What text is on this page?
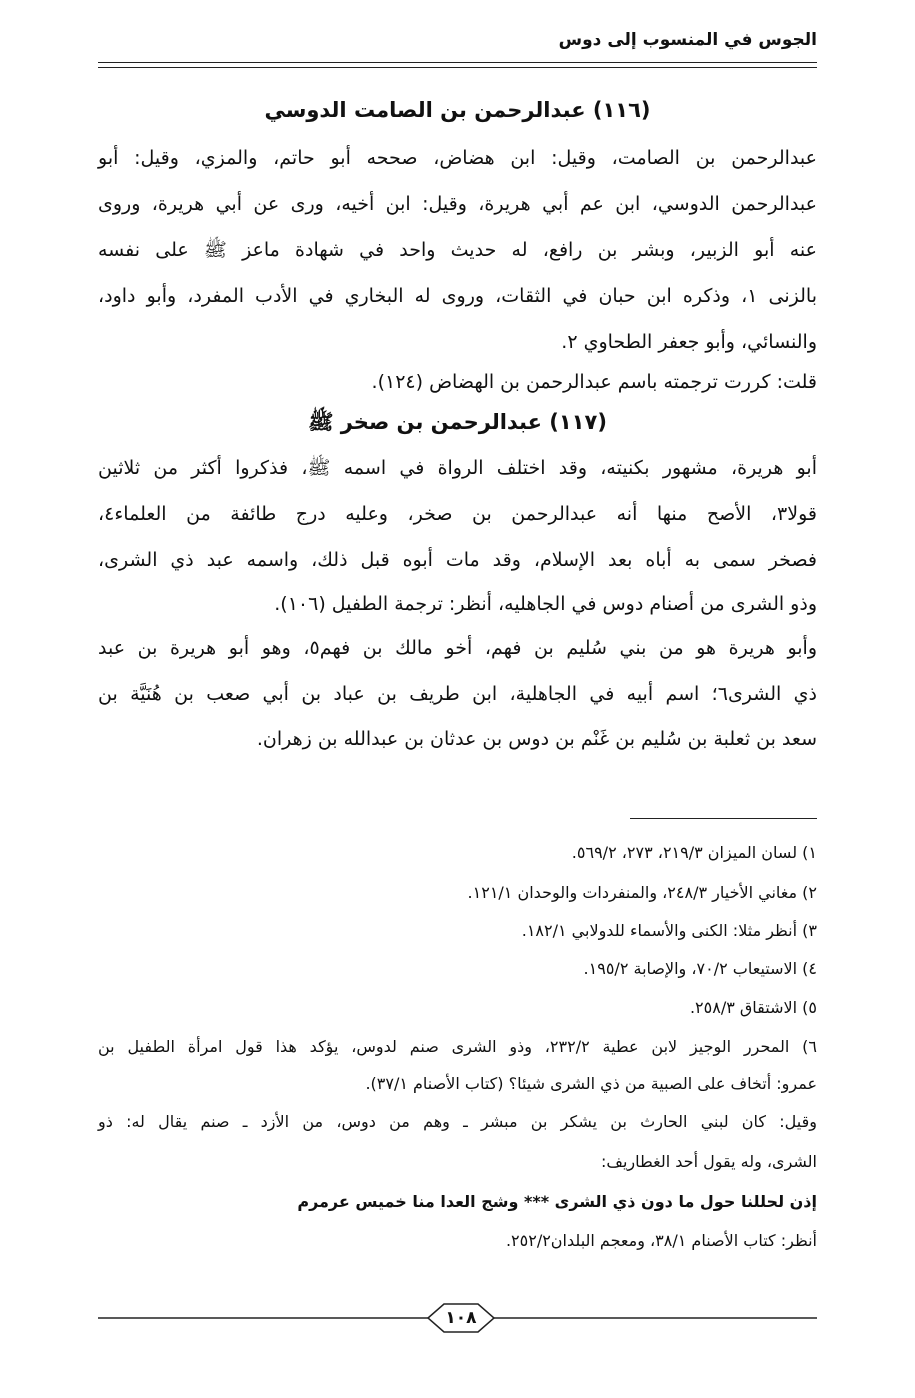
الجوس في المنسوب إلى دوس
(١١٦) عبدالرحمن بن الصامت الدوسي
عبدالرحمن بن الصامت، وقيل: ابن هضاض، صححه أبو حاتم، والمزي، وقيل: أبو
عبدالرحمن الدوسي، ابن عم أبي هريرة، وقيل: ابن أخيه، ورى عن أبي هريرة، وروى
عنه أبو الزبير، وبشر بن رافع، له حديث واحد في شهادة ماعز ﷺ على نفسه
بالزنى ١، وذكره ابن حبان في الثقات، وروى له البخاري في الأدب المفرد، وأبو داود،
والنسائي، وأبو جعفر الطحاوي ٢.
قلت: كررت ترجمته باسم عبدالرحمن بن الهضاض (١٢٤).
(١١٧) عبدالرحمن بن صخر ﷺ
أبو هريرة، مشهور بكنيته، وقد اختلف الرواة في اسمه ﷺ، فذكروا أكثر من ثلاثين
قولا٣، الأصح منها أنه عبدالرحمن بن صخر، وعليه درج طائفة من العلماء٤،
فصخر سمى به أباه بعد الإسلام، وقد مات أبوه قبل ذلك، واسمه عبد ذي الشرى،
وذو الشرى من أصنام دوس في الجاهليه، أنظر: ترجمة الطفيل (١٠٦).
وأبو هريرة هو من بني سُليم بن فهم، أخو مالك بن فهم٥، وهو أبو هريرة بن عبد
ذي الشرى٦؛ اسم أبيه في الجاهلية، ابن طريف بن عباد بن أبي صعب بن هُنَيَّة بن
سعد بن ثعلبة بن سُليم بن غَنْم بن دوس بن عدثان بن عبدالله بن زهران.
١) لسان الميزان ٢١٩/٣، ٢٧٣، ٥٦٩/٢.
٢) مغاني الأخيار ٢٤٨/٣، والمنفردات والوحدان ١٢١/١.
٣) أنظر مثلا: الكنى والأسماء للدولابي ١٨٢/١.
٤) الاستيعاب ٧٠/٢، والإصابة ١٩٥/٢.
٥) الاشتقاق ٢٥٨/٣.
٦) المحرر الوجيز لابن عطية ٢٣٢/٢، وذو الشرى صنم لدوس، يؤكد هذا قول امرأة الطفيل بن
عمرو: أتخاف على الصبية من ذي الشرى شيئا؟ (كتاب الأصنام ٣٧/١).
وقيل: كان لبني الحارث بن يشكر بن مبشر ـ وهم من دوس، من الأزد ـ صنم يقال له: ذو
الشرى، وله يقول أحد الغطاريف:
إذن لحللنا حول ما دون ذي الشرى *** وشج العدا منا خميس عرمرم
أنظر: كتاب الأصنام ٣٨/١، ومعجم البلدان٢٥٢/٢.
١٠٨
